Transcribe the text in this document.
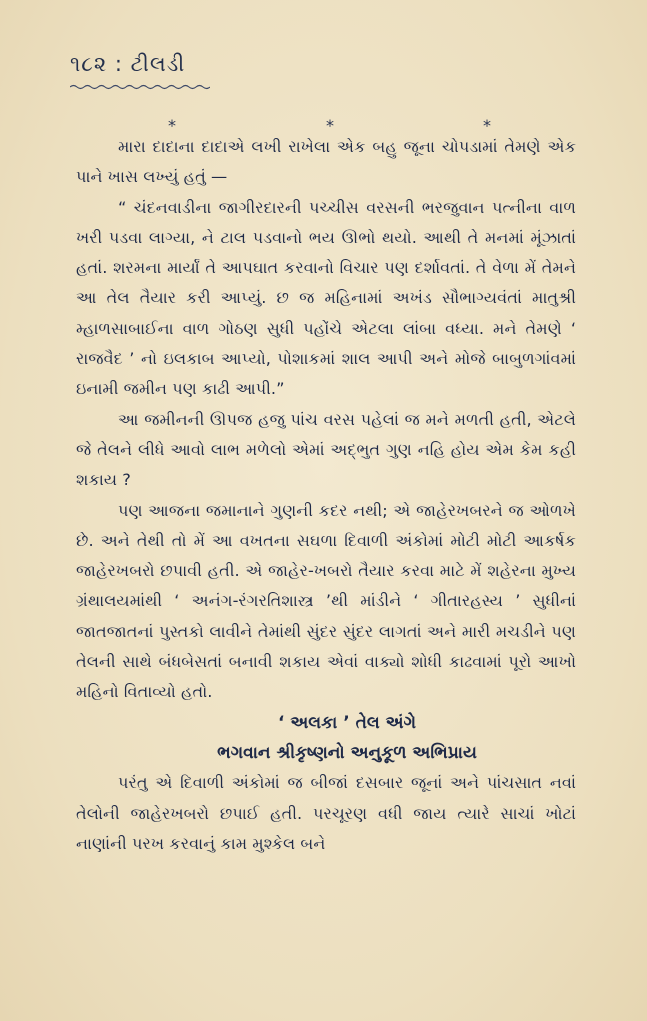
૧૮૨ : ટીલડી
*	*	*

મારા દાદાના દાદાએ લખી રાખેલા એક બહુ જૂના ચોપડામાં તેમણે એક પાને ખાસ લખ્યું હતું —

“ ચંદનવાડીના જાગીરદારની પચ્ચીસ વરસની ભરજુવાન પત્નીના વાળ ખરી પડવા લાગ્યા, ને ટાલ પડવાનો ભય ઊભો થયો. આથી તે મનમાં મૂંઝાતાં હતાં. શરમના માર્યાં તે આપઘાત કરવાનો વિચાર પણ દર્શાવતાં. તે વેળા મેં તેમને આ તેલ તૈયાર કરી આપ્યું. છ જ મહિનામાં અખંડ સૌભાગ્યવંતાં માતુશ્રી મ્હાળસાબાઈના વાળ ગોઠણ સુધી પહોંચે એટલા લાંબા વધ્યા. મને તેમણે ‘ રાજવૈદ ’ નો ઇલકાબ આપ્યો, પોશાકમાં શાલ આપી અને મોજે બાબુળગાંવમાં ઇનામી જમીન પણ કાઢી આપી.”

આ જમીનની ઊપજ હજુ પાંચ વરસ પહેલાં જ મને મળતી હતી, એટલે જે તેલને લીધે આવો લાભ મળેલો એમાં અદ્ભુત ગુણ નહિ હોય એમ કેમ કહી શકાય ?

પણ આજના જમાનાને ગુણની કદર નથી; એ જાહેરખબરને જ ઓળખે છે. અને તેથી તો મેં આ વખતના સઘળા દિવાળી અંકોમાં મોટી મોટી આકર્ષક જાહેરખબરો છપાવી હતી. એ જાહેર-ખબરો તૈયાર કરવા માટે મેં શહેરના મુખ્ય ગ્રંથાલયમાંથી ‘ અનંગ-રંગરતિશાસ્ત્ર ’થી માંડીને ‘ ગીતારહસ્ય ’ સુધીનાં જાતજાતનાં પુસ્તકો લાવીને તેમાંથી સુંદર સુંદર લાગતાં અને મારી મચડીને પણ તેલની સાથે બંધબેસતાં બનાવી શકાય એવાં વાક્યો શોધી કાઢવામાં પૂરો આખો મહિનો વિતાવ્યો હતો.

‘ અલકા ’ તેલ અંગે

ભગવાન શ્રીકૃષ્ણનો અનુકૂળ અભિપ્રાય

પરંતુ એ દિવાળી અંકોમાં જ બીજાં દસબાર જૂનાં અને પાંચસાત નવાં તેલોની જાહેરખબરો છપાઈ હતી. પરચૂરણ વધી જાય ત્યારે સાચાં ખોટાં નાણાંની પરખ કરવાનું કામ મુશ્કેલ બને
